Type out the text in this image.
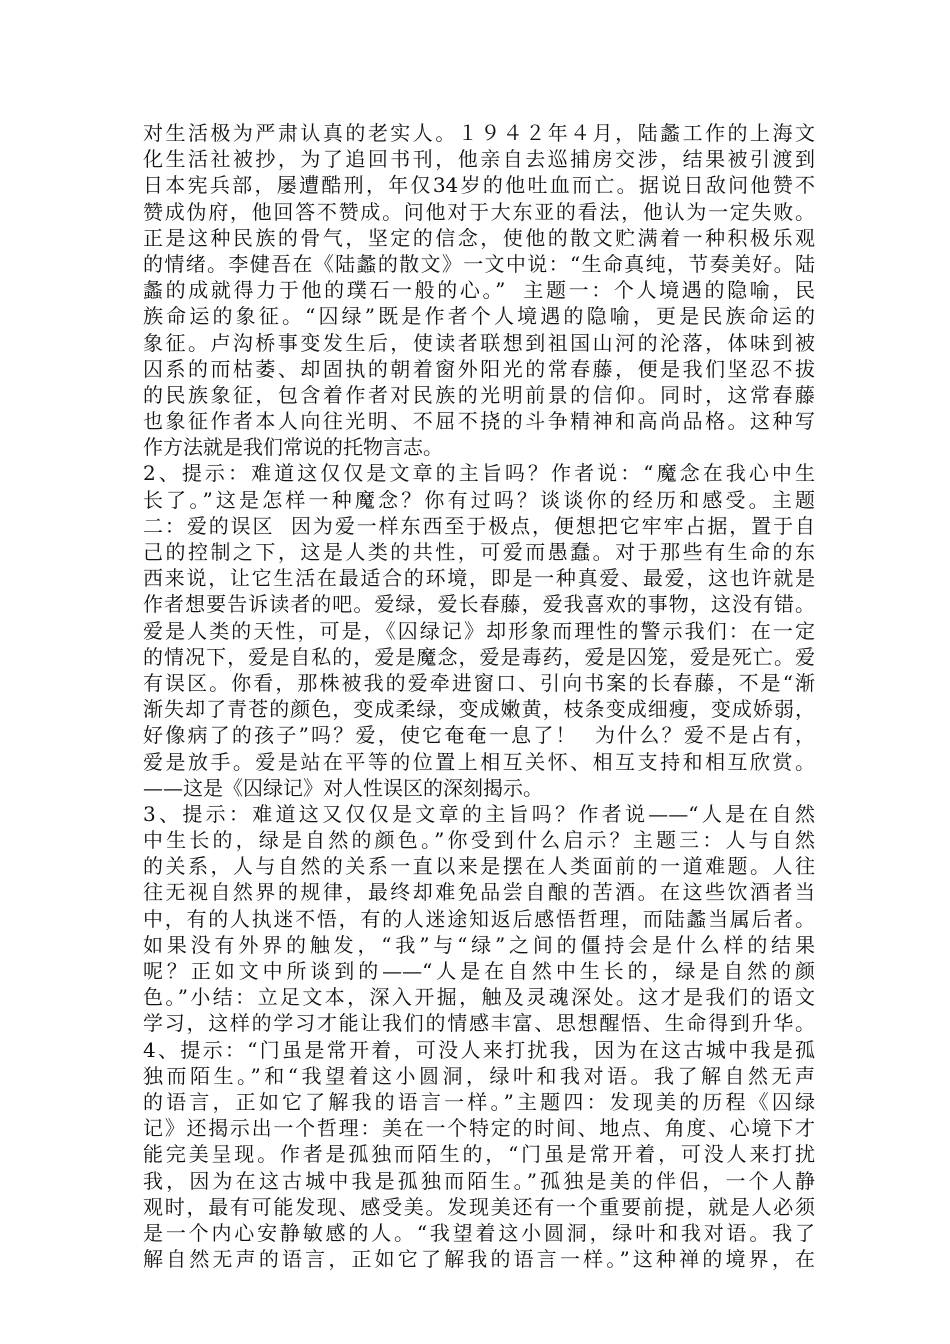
对生活极为严肃认真的老实人。１９４２年４月，陆蠡工作的上海文
化生活社被抄，为了追回书刊，他亲自去巡捕房交涉，结果被引渡到
日本宪兵部，屡遭酷刑，年仅34岁的他吐血而亡。据说日敌问他赞不
赞成伪府，他回答不赞成。问他对于大东亚的看法，他认为一定失败。
正是这种民族的骨气，坚定的信念，使他的散文贮满着一种积极乐观
的情绪。李健吾在《陆蠡的散文》一文中说：“生命真纯，节奏美好。陆
蠡的成就得力于他的璞石一般的心。”  主题一：个人境遇的隐喻，民
族命运的象征。“囚绿”既是作者个人境遇的隐喻，更是民族命运的
象征。卢沟桥事变发生后，使读者联想到祖国山河的沦落，体味到被
囚系的而枯萎、却固执的朝着窗外阳光的常春藤，便是我们坚忍不拔
的民族象征，包含着作者对民族的光明前景的信仰。同时，这常春藤
也象征作者本人向往光明、不屈不挠的斗争精神和高尚品格。这种写
作方法就是我们常说的托物言志。
2、提示：难道这仅仅是文章的主旨吗？作者说：“魔念在我心中生
长了。”这是怎样一种魔念？你有过吗？谈谈你的经历和感受。主题
二：爱的误区  因为爱一样东西至于极点，便想把它牢牢占据，置于自
己的控制之下，这是人类的共性，可爱而愚蠢。对于那些有生命的东
西来说，让它生活在最适合的环境，即是一种真爱、最爱，这也许就是
作者想要告诉读者的吧。爱绿，爱长春藤，爱我喜欢的事物，这没有错。
爱是人类的天性，可是，《囚绿记》却形象而理性的警示我们：在一定
的情况下，爱是自私的，爱是魔念，爱是毒药，爱是囚笼，爱是死亡。爱
有误区。你看，那株被我的爱牵进窗口、引向书案的长春藤，不是“渐
渐失却了青苍的颜色，变成柔绿，变成嫩黄，枝条变成细瘦，变成娇弱，
好像病了的孩子”吗？爱，使它奄奄一息了！  为什么？爱不是占有，
爱是放手。爱是站在平等的位置上相互关怀、相互支持和相互欣赏。
——这是《囚绿记》对人性误区的深刻揭示。
3、提示：难道这又仅仅是文章的主旨吗？作者说——“人是在自然
中生长的，绿是自然的颜色。”你受到什么启示？主题三：人与自然
的关系，人与自然的关系一直以来是摆在人类面前的一道难题。人往
往无视自然界的规律，最终却难免品尝自酿的苦酒。在这些饮酒者当
中，有的人执迷不悟，有的人迷途知返后感悟哲理，而陆蠡当属后者。
如果没有外界的触发，“我”与“绿”之间的僵持会是什么样的结果
呢？正如文中所谈到的——“人是在自然中生长的，绿是自然的颜
色。”小结：立足文本，深入开掘，触及灵魂深处。这才是我们的语文
学习，这样的学习才能让我们的情感丰富、思想醒悟、生命得到升华。
4、提示：“门虽是常开着，可没人来打扰我，因为在这古城中我是孤
独而陌生。”和“我望着这小圆洞，绿叶和我对语。我了解自然无声
的语言，正如它了解我的语言一样。”主题四：发现美的历程《囚绿
记》还揭示出一个哲理：美在一个特定的时间、地点、角度、心境下才
能完美呈现。作者是孤独而陌生的，“门虽是常开着，可没人来打扰
我，因为在这古城中我是孤独而陌生。”孤独是美的伴侣，一个人静
观时，最有可能发现、感受美。发现美还有一个重要前提，就是人必须
是一个内心安静敏感的人。“我望着这小圆洞，绿叶和我对语。我了
解自然无声的语言，正如它了解我的语言一样。”这种禅的境界，在
